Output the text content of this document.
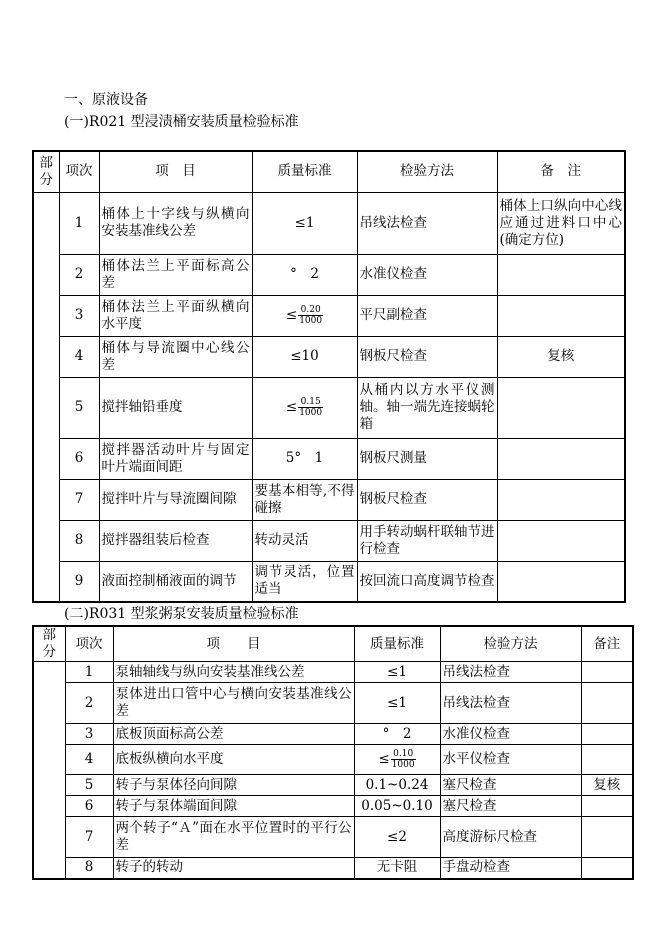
一、原液设备
(一)R021 型浸渍桶安装质量检验标准
部分	项次	项　目	质量标准	检验方法	备　注
	1	桶体上十字线与纵横向安装基准线公差	≤1	吊线法检查	桶体上口纵向中心线应通过进料口中心(确定方位)
	2	桶体法兰上平面标高公差	°　2	水准仪检查	
	3	桶体法兰上平面纵横向水平度	≤ $\frac{0.20}{1000}$	平尺副检查	
	4	桶体与导流圈中心线公差	≤10	钢板尺检查	复核
	5	搅拌轴铅垂度	≤ $\frac{0.15}{1000}$	从桶内以方水平仪测轴。轴一端先连接蜗轮箱	
	6	搅拌器活动叶片与固定叶片端面间距	5°　1	钢板尺测量	
	7	搅拌叶片与导流圈间隙	要基本相等,不得碰擦	钢板尺检查	
	8	搅拌器组装后检查	转动灵活	用手转动蜗杆联轴节进行检查	
	9	液面控制桶液面的调节	调节灵活，位置适当	按回流口高度调节检查	
(二)R031 型浆粥泵安装质量检验标准
部分	项次	项　　目	质量标准	检验方法	备注
	1	泵轴轴线与纵向安装基准线公差	≤1	吊线法检查	
	2	泵体进出口管中心与横向安装基准线公差	≤1	吊线法检查	
	3	底板顶面标高公差	°　2	水准仪检查	
	4	底板纵横向水平度	≤ $\frac{0.10}{1000}$	水平仪检查	
	5	转子与泵体径向间隙	0.1~0.24	塞尺检查	复核
	6	转子与泵体端面间隙	0.05~0.10	塞尺检查	
	7	两个转子“Ａ”面在水平位置时的平行公差	≤2	高度游标尺检查	
	8	转子的转动	无卡阻	手盘动检查	
